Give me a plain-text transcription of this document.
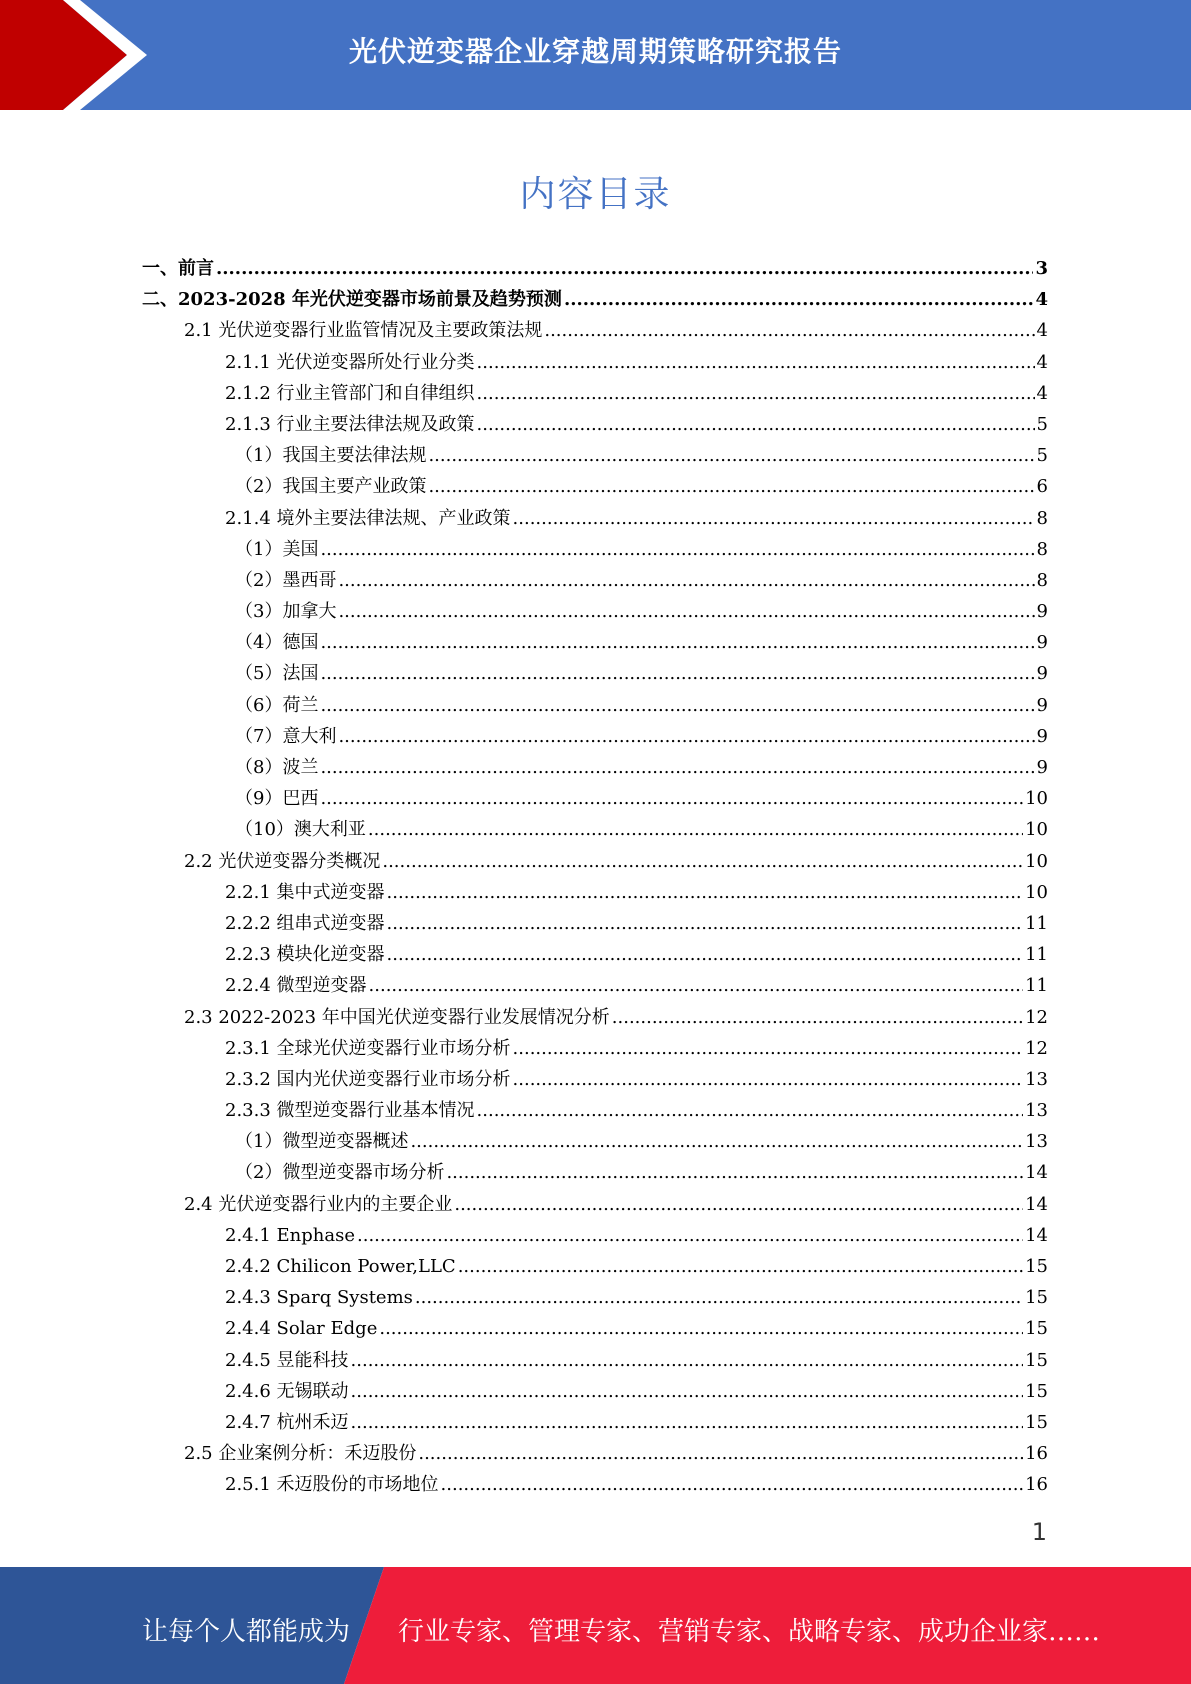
光伏逆变器企业穿越周期策略研究报告
内容目录
一、前言 .....	3
二、2023-2028 年光伏逆变器市场前景及趋势预测 .....	4
2.1 光伏逆变器行业监管情况及主要政策法规 .....	4
2.1.1 光伏逆变器所处行业分类 .....	4
2.1.2 行业主管部门和自律组织 .....	4
2.1.3 行业主要法律法规及政策 .....	5
（1）我国主要法律法规 .....	5
（2）我国主要产业政策 .....	6
2.1.4 境外主要法律法规、产业政策 .....	8
（1）美国 .....	8
（2）墨西哥 .....	8
（3）加拿大 .....	9
（4）德国 .....	9
（5）法国 .....	9
（6）荷兰 .....	9
（7）意大利 .....	9
（8）波兰 .....	9
（9）巴西 .....	10
（10）澳大利亚 .....	10
2.2 光伏逆变器分类概况 .....	10
2.2.1 集中式逆变器 .....	10
2.2.2 组串式逆变器 .....	11
2.2.3 模块化逆变器 .....	11
2.2.4 微型逆变器 .....	11
2.3 2022-2023 年中国光伏逆变器行业发展情况分析 .....	12
2.3.1 全球光伏逆变器行业市场分析 .....	12
2.3.2 国内光伏逆变器行业市场分析 .....	13
2.3.3 微型逆变器行业基本情况 .....	13
（1）微型逆变器概述 .....	13
（2）微型逆变器市场分析 .....	14
2.4 光伏逆变器行业内的主要企业 .....	14
2.4.1 Enphase .....	14
2.4.2 Chilicon Power,LLC .....	15
2.4.3 Sparq Systems .....	15
2.4.4 Solar Edge .....	15
2.4.5 昱能科技 .....	15
2.4.6 无锡联动 .....	15
2.4.7 杭州禾迈 .....	15
2.5 企业案例分析：禾迈股份 .....	16
2.5.1 禾迈股份的市场地位 .....	16
1
让每个人都能成为 行业专家、管理专家、营销专家、战略专家、成功企业家……
